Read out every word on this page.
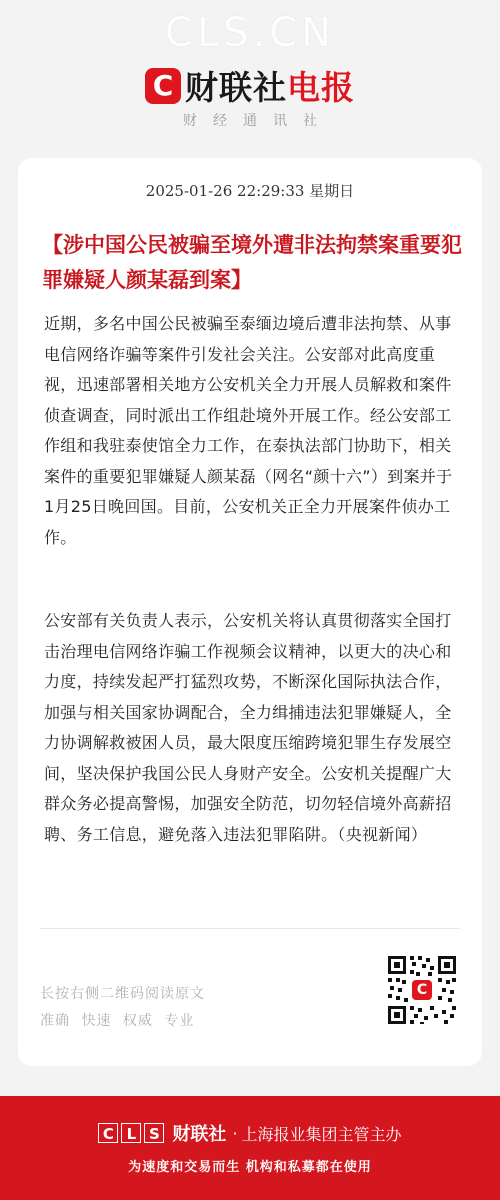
CLS.CN
C 财联社电报
财经通讯社
2025-01-26 22:29:33 星期日
【涉中国公民被骗至境外遭非法拘禁案重要犯罪嫌疑人颜某磊到案】

近期，多名中国公民被骗至泰缅边境后遭非法拘禁、从事电信网络诈骗等案件引发社会关注。公安部对此高度重视，迅速部署相关地方公安机关全力开展人员解救和案件侦查调查，同时派出工作组赴境外开展工作。经公安部工作组和我驻泰使馆全力工作，在泰执法部门协助下，相关案件的重要犯罪嫌疑人颜某磊（网名“颜十六”）到案并于1月25日晚回国。目前，公安机关正全力开展案件侦办工作。

公安部有关负责人表示，公安机关将认真贯彻落实全国打击治理电信网络诈骗工作视频会议精神，以更大的决心和力度，持续发起严打猛烈攻势，不断深化国际执法合作，加强与相关国家协调配合，全力缉捕违法犯罪嫌疑人，全力协调解救被困人员，最大限度压缩跨境犯罪生存发展空间，坚决保护我国公民人身财产安全。公安机关提醒广大群众务必提高警惕，加强安全防范，切勿轻信境外高薪招聘、务工信息，避免落入违法犯罪陷阱。（央视新闻）

长按右侧二维码阅读原文
准确 快速 权威 专业
C
C L S 财联社 · 上海报业集团主管主办
为速度和交易而生 机构和私募都在使用
